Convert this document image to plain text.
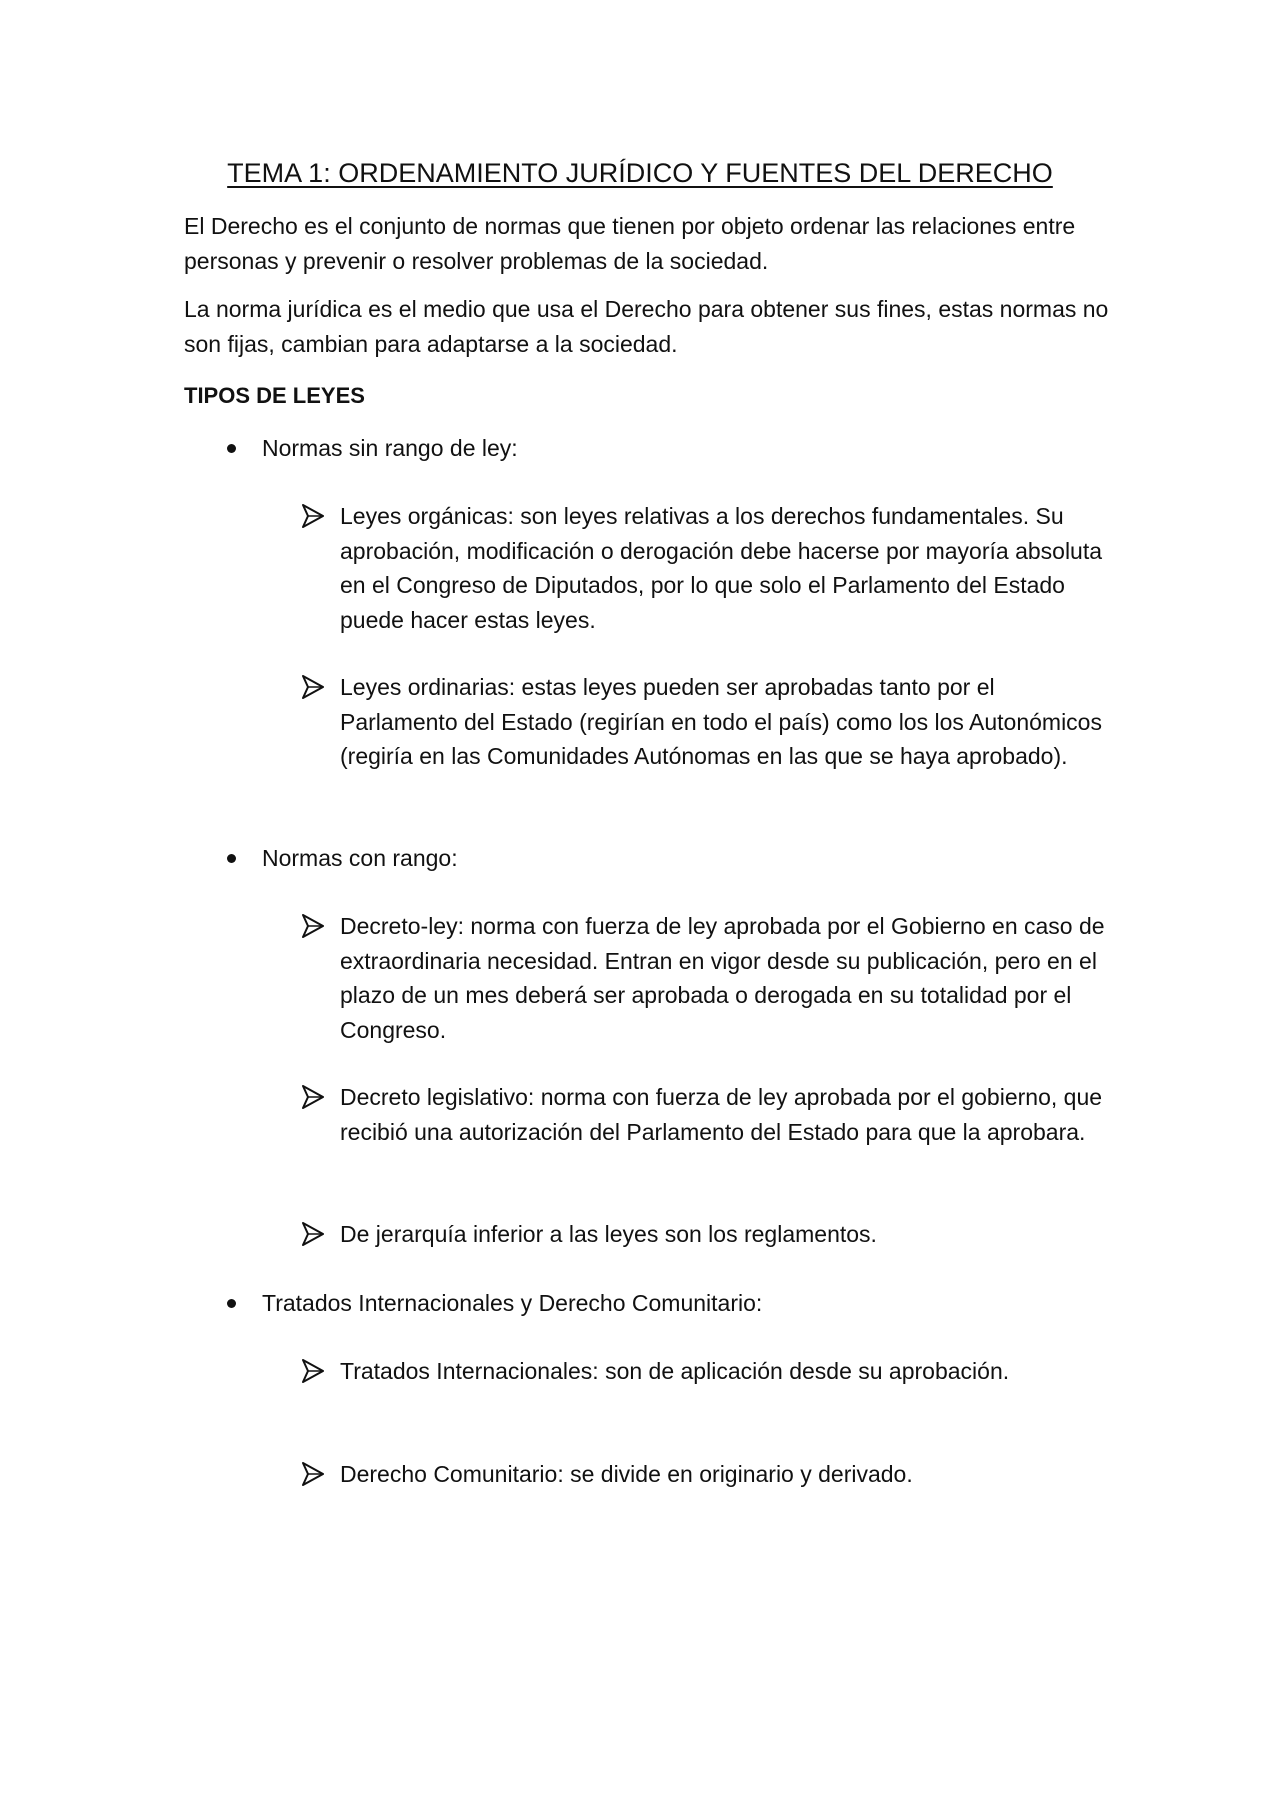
TEMA 1: ORDENAMIENTO JURÍDICO Y FUENTES DEL DERECHO

El Derecho es el conjunto de normas que tienen por objeto ordenar las relaciones entre personas y prevenir o resolver problemas de la sociedad.

La norma jurídica es el medio que usa el Derecho para obtener sus fines, estas normas no son fijas, cambian para adaptarse a la sociedad.

TIPOS DE LEYES
Normas sin rango de ley:

Leyes orgánicas: son leyes relativas a los derechos fundamentales. Su aprobación, modificación o derogación debe hacerse por mayoría absoluta en el Congreso de Diputados, por lo que solo el Parlamento del Estado puede hacer estas leyes.

Leyes ordinarias: estas leyes pueden ser aprobadas tanto por el Parlamento del Estado (regirían en todo el país) como los los Autonómicos (regiría en las Comunidades Autónomas en las que se haya aprobado).

Normas con rango:

Decreto-ley: norma con fuerza de ley aprobada por el Gobierno en caso de extraordinaria necesidad. Entran en vigor desde su publicación, pero en el plazo de un mes deberá ser aprobada o derogada en su totalidad por el Congreso.

Decreto legislativo: norma con fuerza de ley aprobada por el gobierno, que recibió una autorización del Parlamento del Estado para que la aprobara.

De jerarquía inferior a las leyes son los reglamentos.

Tratados Internacionales y Derecho Comunitario:

Tratados Internacionales: son de aplicación desde su aprobación.

Derecho Comunitario: se divide en originario y derivado.
